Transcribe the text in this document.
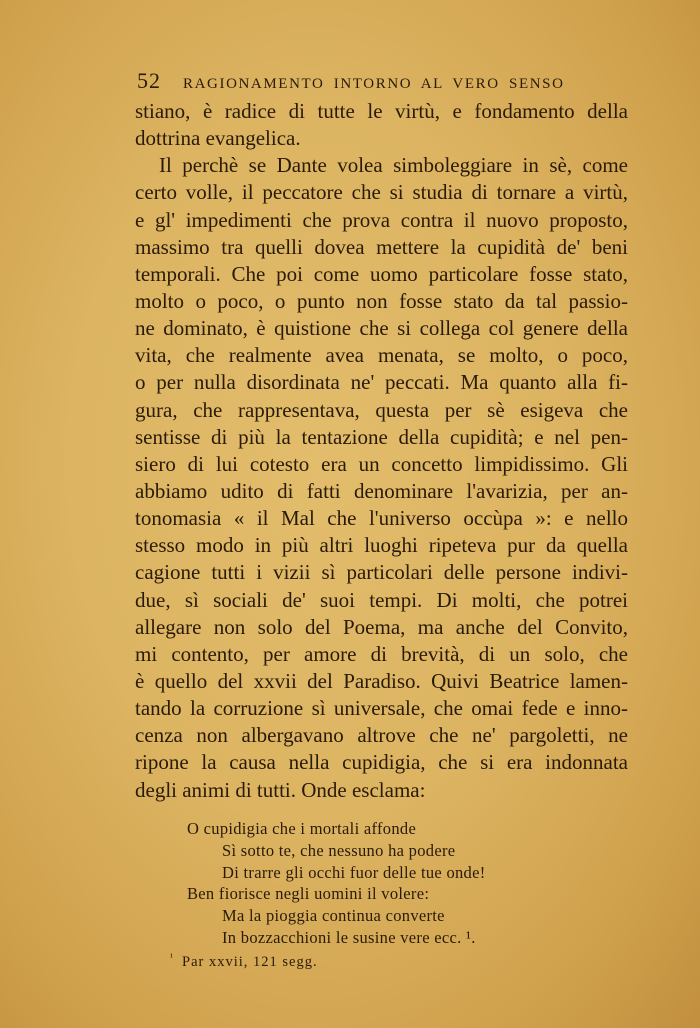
52 RAGIONAMENTO INTORNO AL VERO SENSO
stiano, è radice di tutte le virtù, e fondamento della
dottrina evangelica.
Il perchè se Dante volea simboleggiare in sè, come
certo volle, il peccatore che si studia di tornare a virtù,
e gl' impedimenti che prova contra il nuovo proposto,
massimo tra quelli dovea mettere la cupidità de' beni
temporali. Che poi come uomo particolare fosse stato,
molto o poco, o punto non fosse stato da tal passio-
ne dominato, è quistione che si collega col genere della
vita, che realmente avea menata, se molto, o poco,
o per nulla disordinata ne' peccati. Ma quanto alla fi-
gura, che rappresentava, questa per sè esigeva che
sentisse di più la tentazione della cupidità; e nel pen-
siero di lui cotesto era un concetto limpidissimo. Gli
abbiamo udito di fatti denominare l'avarizia, per an-
tonomasia « il Mal che l'universo occùpa »: e nello
stesso modo in più altri luoghi ripeteva pur da quella
cagione tutti i vizii sì particolari delle persone indivi-
due, sì sociali de' suoi tempi. Di molti, che potrei
allegare non solo del Poema, ma anche del Convito,
mi contento, per amore di brevità, di un solo, che
è quello del xxvii del Paradiso. Quivi Beatrice lamen-
tando la corruzione sì universale, che omai fede e inno-
cenza non albergavano altrove che ne' pargoletti, ne
ripone la causa nella cupidigia, che si era indonnata
degli animi di tutti. Onde esclama:
O cupidigia che i mortali affonde
Sì sotto te, che nessuno ha podere
Di trarre gli occhi fuor delle tue onde!
Ben fiorisce negli uomini il volere:
Ma la pioggia continua converte
In bozzacchioni le susine vere ecc. ¹.
$^{^1}$ Par xxvii, 121 segg.
